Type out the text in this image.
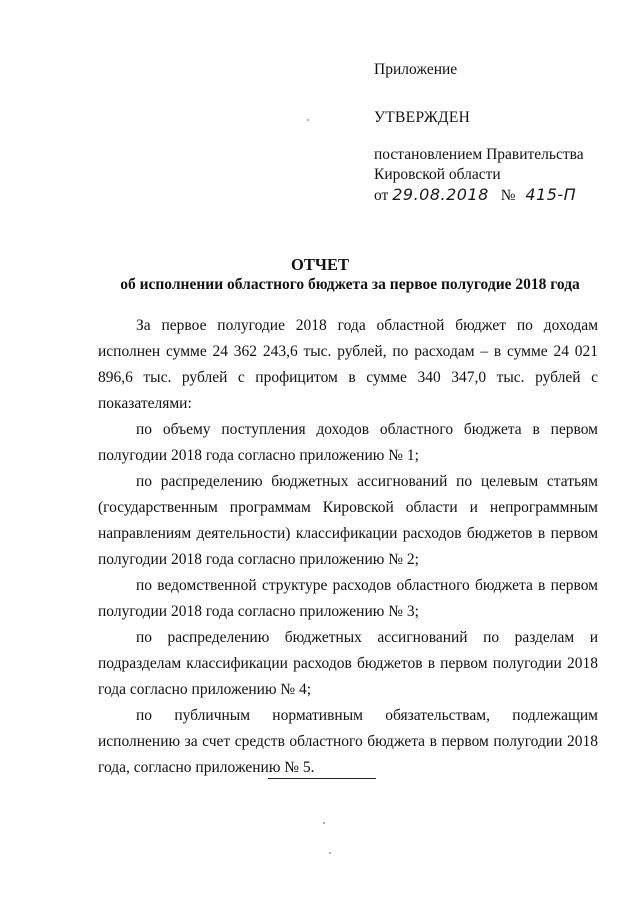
Приложение
УТВЕРЖДЕН
постановлением Правительства
Кировской области
от 29.08.2018 № 415-П
ОТЧЕТ
об исполнении областного бюджета за первое полугодие 2018 года

За первое полугодие 2018 года областной бюджет по доходам исполнен сумме 24 362 243,6 тыс. рублей, по расходам – в сумме 24 021 896,6 тыс. рублей с профицитом в сумме 340 347,0 тыс. рублей с показателями:

по объему поступления доходов областного бюджета в первом полугодии 2018 года согласно приложению № 1;

по распределению бюджетных ассигнований по целевым статьям (государственным программам Кировской области и непрограммным направлениям деятельности) классификации расходов бюджетов в первом полугодии 2018 года согласно приложению № 2;

по ведомственной структуре расходов областного бюджета в первом полугодии 2018 года согласно приложению № 3;

по распределению бюджетных ассигнований по разделам и подразделам классификации расходов бюджетов в первом полугодии 2018 года согласно приложению № 4;

по публичным нормативным обязательствам, подлежащим исполнению за счет средств областного бюджета в первом полугодии 2018 года, согласно приложению № 5.
